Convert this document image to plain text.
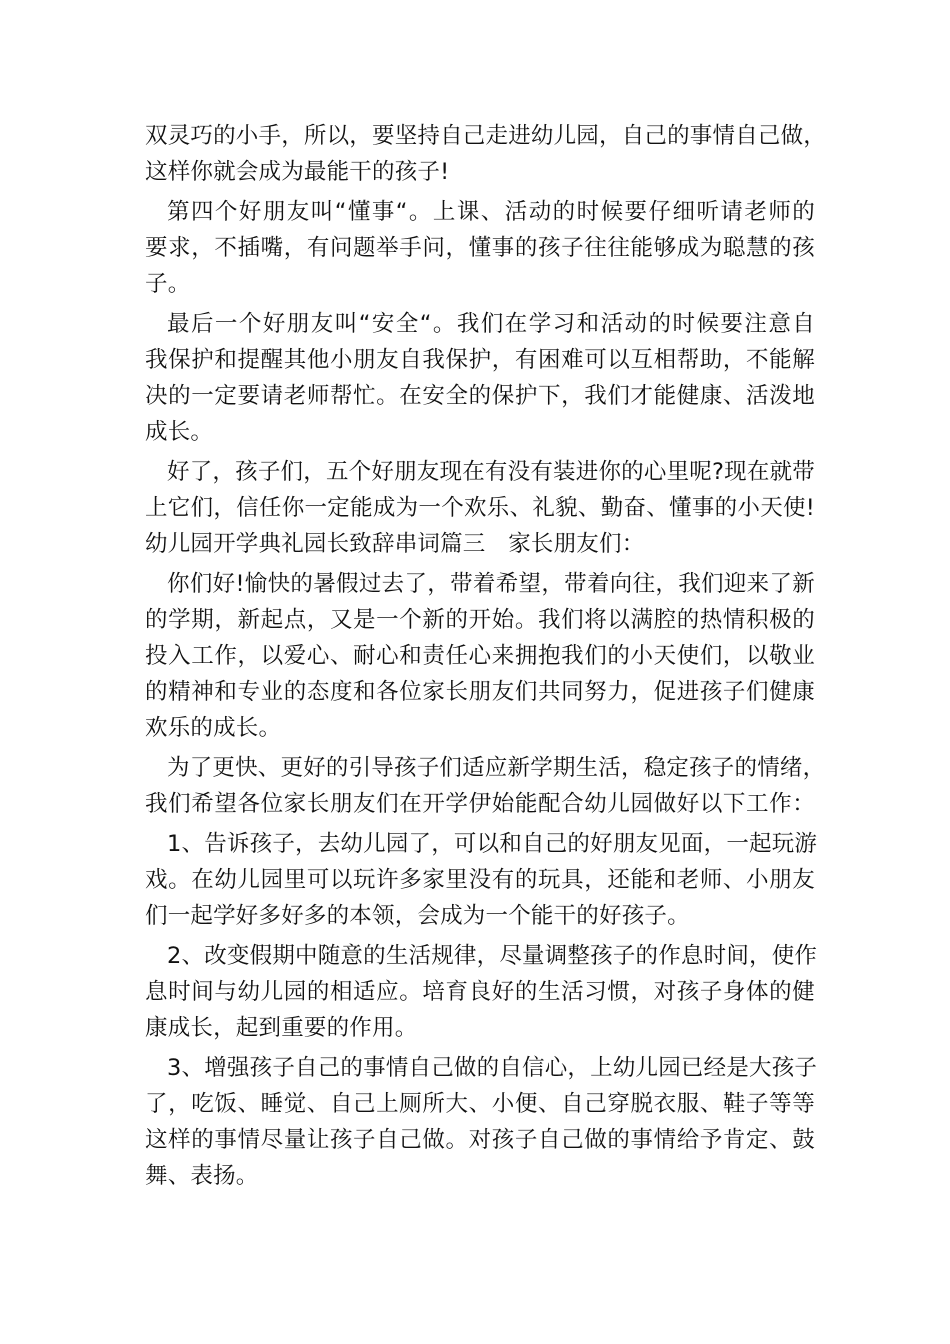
双灵巧的小手，所以，要坚持自己走进幼儿园，自己的事情自己做，
这样你就会成为最能干的孩子!
第四个好朋友叫“懂事“。上课、活动的时候要仔细听请老师的
要求，不插嘴，有问题举手问，懂事的孩子往往能够成为聪慧的孩
子。
最后一个好朋友叫“安全“。我们在学习和活动的时候要注意自
我保护和提醒其他小朋友自我保护，有困难可以互相帮助，不能解
决的一定要请老师帮忙。在安全的保护下，我们才能健康、活泼地
成长。
好了，孩子们，五个好朋友现在有没有装进你的心里呢?现在就带
上它们，信任你一定能成为一个欢乐、礼貌、勤奋、懂事的小天使!
幼儿园开学典礼园长致辞串词篇三　家长朋友们：
你们好!愉快的暑假过去了，带着希望，带着向往，我们迎来了新
的学期，新起点，又是一个新的开始。我们将以满腔的热情积极的
投入工作，以爱心、耐心和责任心来拥抱我们的小天使们，以敬业
的精神和专业的态度和各位家长朋友们共同努力，促进孩子们健康
欢乐的成长。
为了更快、更好的引导孩子们适应新学期生活，稳定孩子的情绪，
我们希望各位家长朋友们在开学伊始能配合幼儿园做好以下工作：
1、告诉孩子，去幼儿园了，可以和自己的好朋友见面，一起玩游
戏。在幼儿园里可以玩许多家里没有的玩具，还能和老师、小朋友
们一起学好多好多的本领，会成为一个能干的好孩子。
2、改变假期中随意的生活规律，尽量调整孩子的作息时间，使作
息时间与幼儿园的相适应。培育良好的生活习惯，对孩子身体的健
康成长，起到重要的作用。
3、增强孩子自己的事情自己做的自信心，上幼儿园已经是大孩子
了，吃饭、睡觉、自己上厕所大、小便、自己穿脱衣服、鞋子等等
这样的事情尽量让孩子自己做。对孩子自己做的事情给予肯定、鼓
舞、表扬。
